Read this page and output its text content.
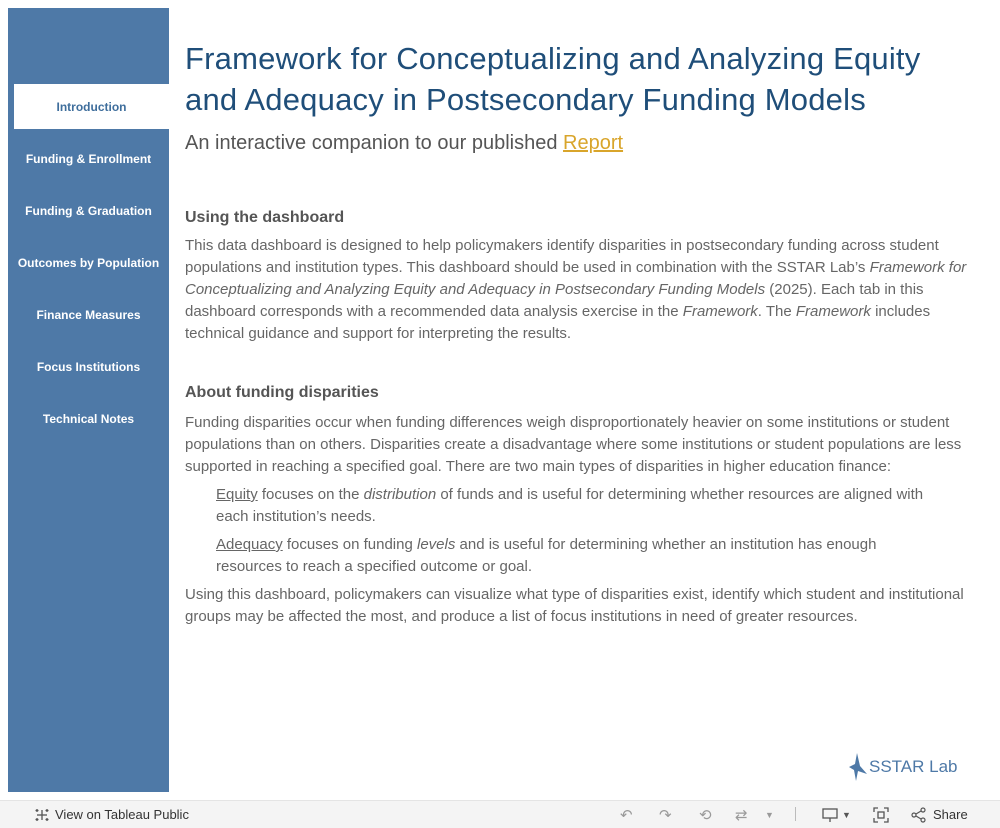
Introduction
Funding & Enrollment
Funding & Graduation
Outcomes by Population
Finance Measures
Focus Institutions
Technical Notes
Framework for Conceptualizing and Analyzing Equity and Adequacy in Postsecondary Funding Models
An interactive companion to our published Report
Using the dashboard

This data dashboard is designed to help policymakers identify disparities in postsecondary funding across student populations and institution types. This dashboard should be used in combination with the SSTAR Lab’s Framework for Conceptualizing and Analyzing Equity and Adequacy in Postsecondary Funding Models (2025). Each tab in this dashboard corresponds with a recommended data analysis exercise in the Framework. The Framework includes technical guidance and support for interpreting the results.

About funding disparities

Funding disparities occur when funding differences weigh disproportionately heavier on some institutions or student populations than on others. Disparities create a disadvantage where some institutions or student populations are less supported in reaching a specified goal. There are two main types of disparities in higher education finance:

Equity focuses on the distribution of funds and is useful for determining whether resources are aligned with each institution’s needs.

Adequacy focuses on funding levels and is useful for determining whether an institution has enough resources to reach a specified outcome or goal.

Using this dashboard, policymakers can visualize what type of disparities exist, identify which student and institutional groups may be affected the most, and produce a list of focus institutions in need of greater resources.

SSTAR Lab
View on Tableau Public	↶ ↷ ⟲ ⇄ ▼	▼	Share
